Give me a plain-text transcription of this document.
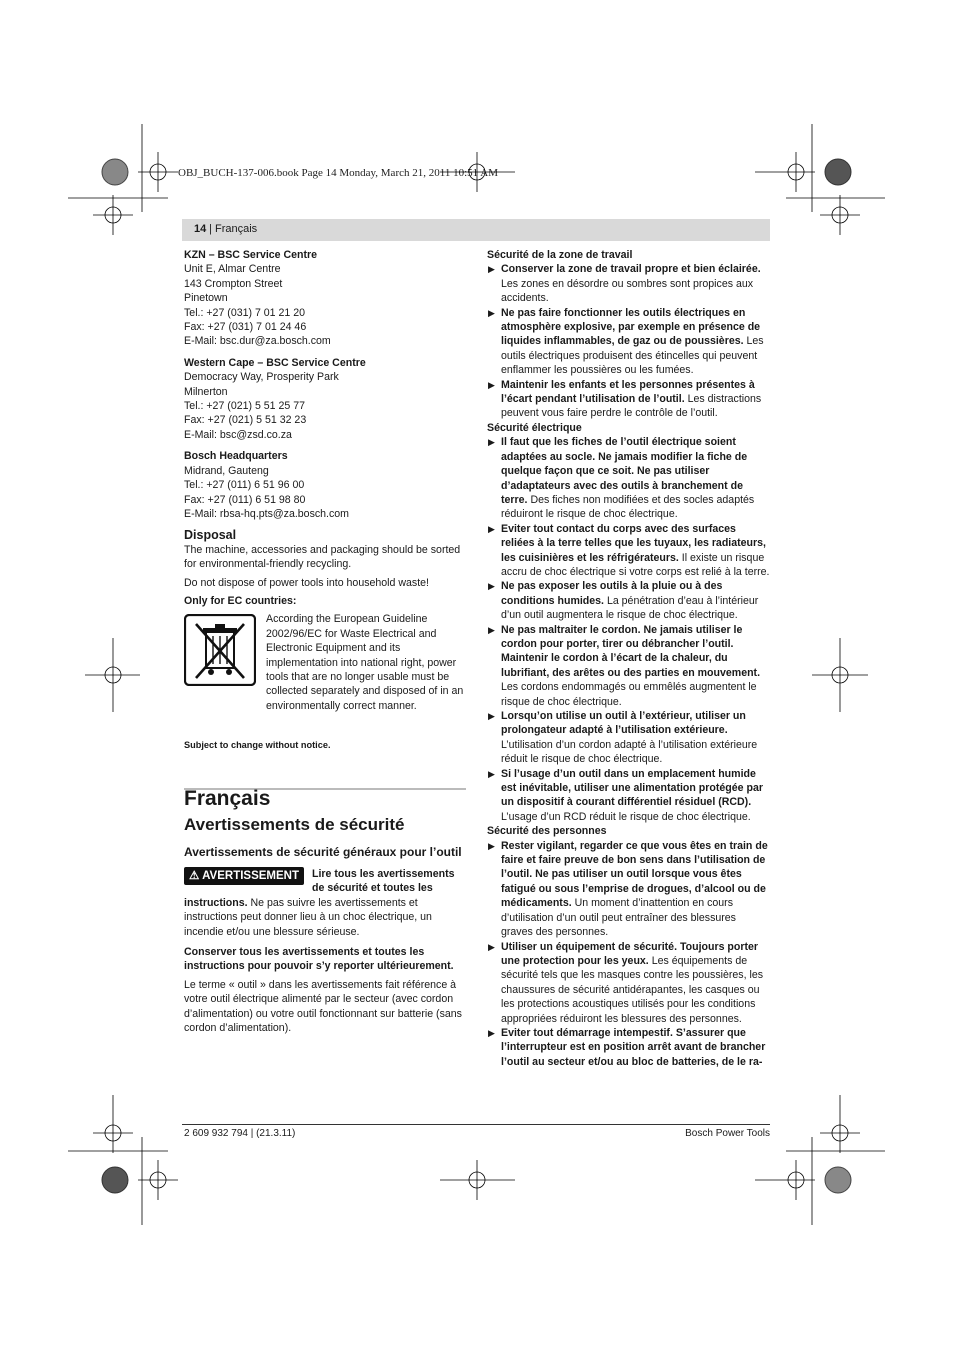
OBJ_BUCH-137-006.book Page 14 Monday, March 21, 2011 10:51 AM
14 | Français

KZN – BSC Service Centre

Unit E, Almar Centre

143 Crompton Street

Pinetown

Tel.: +27 (031) 7 01 21 20

Fax: +27 (031) 7 01 24 46

E-Mail: bsc.dur@za.bosch.com

Western Cape – BSC Service Centre

Democracy Way, Prosperity Park

Milnerton

Tel.: +27 (021) 5 51 25 77

Fax: +27 (021) 5 51 32 23

E-Mail: bsc@zsd.co.za

Bosch Headquarters

Midrand, Gauteng

Tel.: +27 (011) 6 51 96 00

Fax: +27 (011) 6 51 98 80

E-Mail: rbsa-hq.pts@za.bosch.com

Disposal

The machine, accessories and packaging should be sorted for environmental-friendly recycling.

Do not dispose of power tools into household waste!

Only for EC countries:

According the European Guideline 2002/96/EC for Waste Electrical and Electronic Equipment and its implementation into national right, power tools that are no longer usable must be collected separately and disposed of in an environmentally correct manner.

Subject to change without notice.

Français

Avertissements de sécurité

Avertissements de sécurité généraux pour l’outil

⚠ AVERTISSEMENT	Lire tous les avertissements de sécurité et toutes les instructions. Ne pas suivre les avertissements et instructions peut donner lieu à un choc électrique, un incendie et/ou une blessure sérieuse.

Conserver tous les avertissements et toutes les instructions pour pouvoir s’y reporter ultérieurement.

Le terme « outil » dans les avertissements fait référence à votre outil électrique alimenté par le secteur (avec cordon d’alimentation) ou votre outil fonctionnant sur batterie (sans cordon d’alimentation).

Sécurité de la zone de travail

▶ Conserver la zone de travail propre et bien éclairée. Les zones en désordre ou sombres sont propices aux accidents.

▶ Ne pas faire fonctionner les outils électriques en atmosphère explosive, par exemple en présence de liquides inflammables, de gaz ou de poussières. Les outils électriques produisent des étincelles qui peuvent enflammer les poussières ou les fumées.

▶ Maintenir les enfants et les personnes présentes à l’écart pendant l’utilisation de l’outil. Les distractions peuvent vous faire perdre le contrôle de l’outil.

Sécurité électrique

▶ Il faut que les fiches de l’outil électrique soient adaptées au socle. Ne jamais modifier la fiche de quelque façon que ce soit. Ne pas utiliser d’adaptateurs avec des outils à branchement de terre. Des fiches non modifiées et des socles adaptés réduiront le risque de choc électrique.

▶ Eviter tout contact du corps avec des surfaces reliées à la terre telles que les tuyaux, les radiateurs, les cuisinières et les réfrigérateurs. Il existe un risque accru de choc électrique si votre corps est relié à la terre.

▶ Ne pas exposer les outils à la pluie ou à des conditions humides. La pénétration d’eau à l’intérieur d’un outil augmentera le risque de choc électrique.

▶ Ne pas maltraiter le cordon. Ne jamais utiliser le cordon pour porter, tirer ou débrancher l’outil. Maintenir le cordon à l’écart de la chaleur, du lubrifiant, des arêtes ou des parties en mouvement. Les cordons endommagés ou emmêlés augmentent le risque de choc électrique.

▶ Lorsqu’on utilise un outil à l’extérieur, utiliser un prolongateur adapté à l’utilisation extérieure. L’utilisation d’un cordon adapté à l’utilisation extérieure réduit le risque de choc électrique.

▶ Si l’usage d’un outil dans un emplacement humide est inévitable, utiliser une alimentation protégée par un dispositif à courant différentiel résiduel (RCD). L’usage d’un RCD réduit le risque de choc électrique.

Sécurité des personnes

▶ Rester vigilant, regarder ce que vous êtes en train de faire et faire preuve de bon sens dans l’utilisation de l’outil. Ne pas utiliser un outil lorsque vous êtes fatigué ou sous l’emprise de drogues, d’alcool ou de médicaments. Un moment d’inattention en cours d’utilisation d’un outil peut entraîner des blessures graves des personnes.

▶ Utiliser un équipement de sécurité. Toujours porter une protection pour les yeux. Les équipements de sécurité tels que les masques contre les poussières, les chaussures de sécurité antidérapantes, les casques ou les protections acoustiques utilisés pour les conditions appropriées réduiront les blessures des personnes.

▶ Eviter tout démarrage intempestif. S’assurer que l’interrupteur est en position arrêt avant de brancher l’outil au secteur et/ou au bloc de batteries, de le ra-

2 609 932 794 | (21.3.11)	Bosch Power Tools
